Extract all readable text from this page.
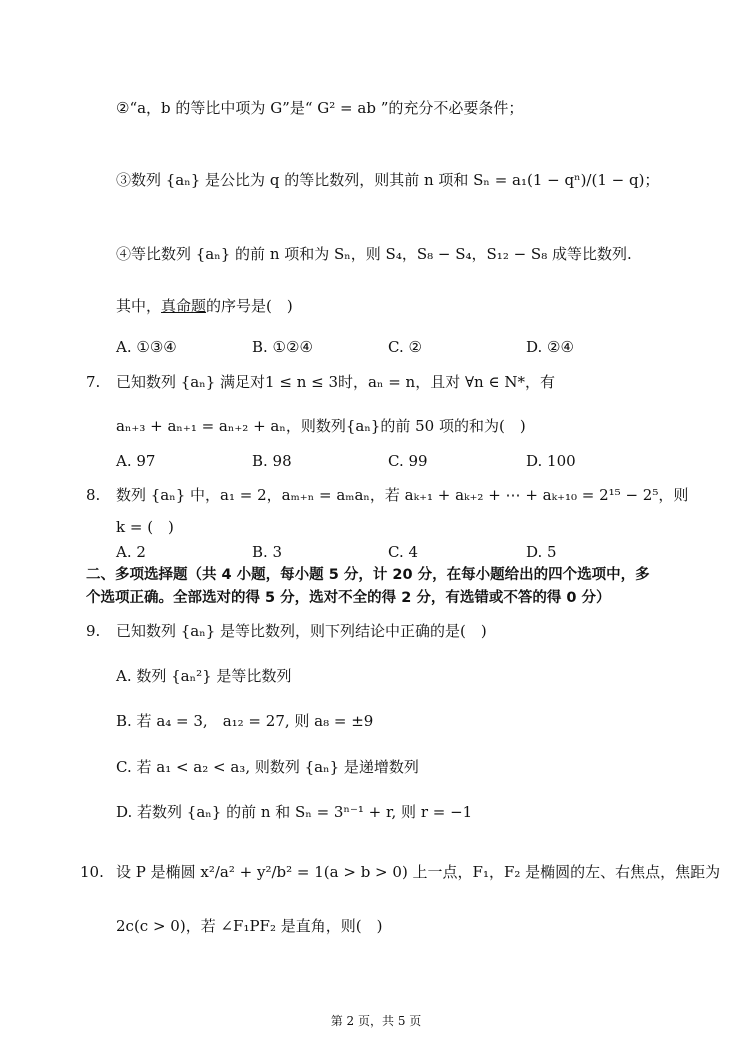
②“a，b 的等比中项为 G”是“ G² = ab ”的充分不必要条件；
③数列 {aₙ} 是公比为 q 的等比数列，则其前 n 项和 Sₙ = a₁(1 − qⁿ)/(1 − q)；
④等比数列 {aₙ} 的前 n 项和为 Sₙ，则 S₄，S₈ − S₄，S₁₂ − S₈ 成等比数列.
其中，真命题的序号是(　)
A. ①③④	B. ①②④	C. ②	D. ②④
7. 已知数列 {aₙ} 满足对1 ≤ n ≤ 3时，aₙ = n，且对 ∀n ∈ N*，有
aₙ₊₃ + aₙ₊₁ = aₙ₊₂ + aₙ，则数列{aₙ}的前 50 项的和为(　)
A. 97	B. 98	C. 99	D. 100
8. 数列 {aₙ} 中，a₁ = 2，aₘ₊ₙ = aₘaₙ，若 aₖ₊₁ + aₖ₊₂ + ⋯ + aₖ₊₁₀ = 2¹⁵ − 2⁵，则
k = (　)
A. 2	B. 3	C. 4	D. 5
二、多项选择题（共 4 小题，每小题 5 分，计 20 分，在每小题给出的四个选项中，多
个选项正确。全部选对的得 5 分，选对不全的得 2 分，有选错或不答的得 0 分）
9. 已知数列 {aₙ} 是等比数列，则下列结论中正确的是(　)
A. 数列 {aₙ²} 是等比数列
B. 若 a₄ = 3,　a₁₂ = 27, 则 a₈ = ±9
C. 若 a₁ < a₂ < a₃, 则数列 {aₙ} 是递增数列
D. 若数列 {aₙ} 的前 n 和 Sₙ = 3ⁿ⁻¹ + r, 则 r = −1
10. 设 P 是椭圆 x²/a² + y²/b² = 1(a > b > 0) 上一点，F₁，F₂ 是椭圆的左、右焦点，焦距为
2c(c > 0)，若 ∠F₁PF₂ 是直角，则(　)
第 2 页，共 5 页
